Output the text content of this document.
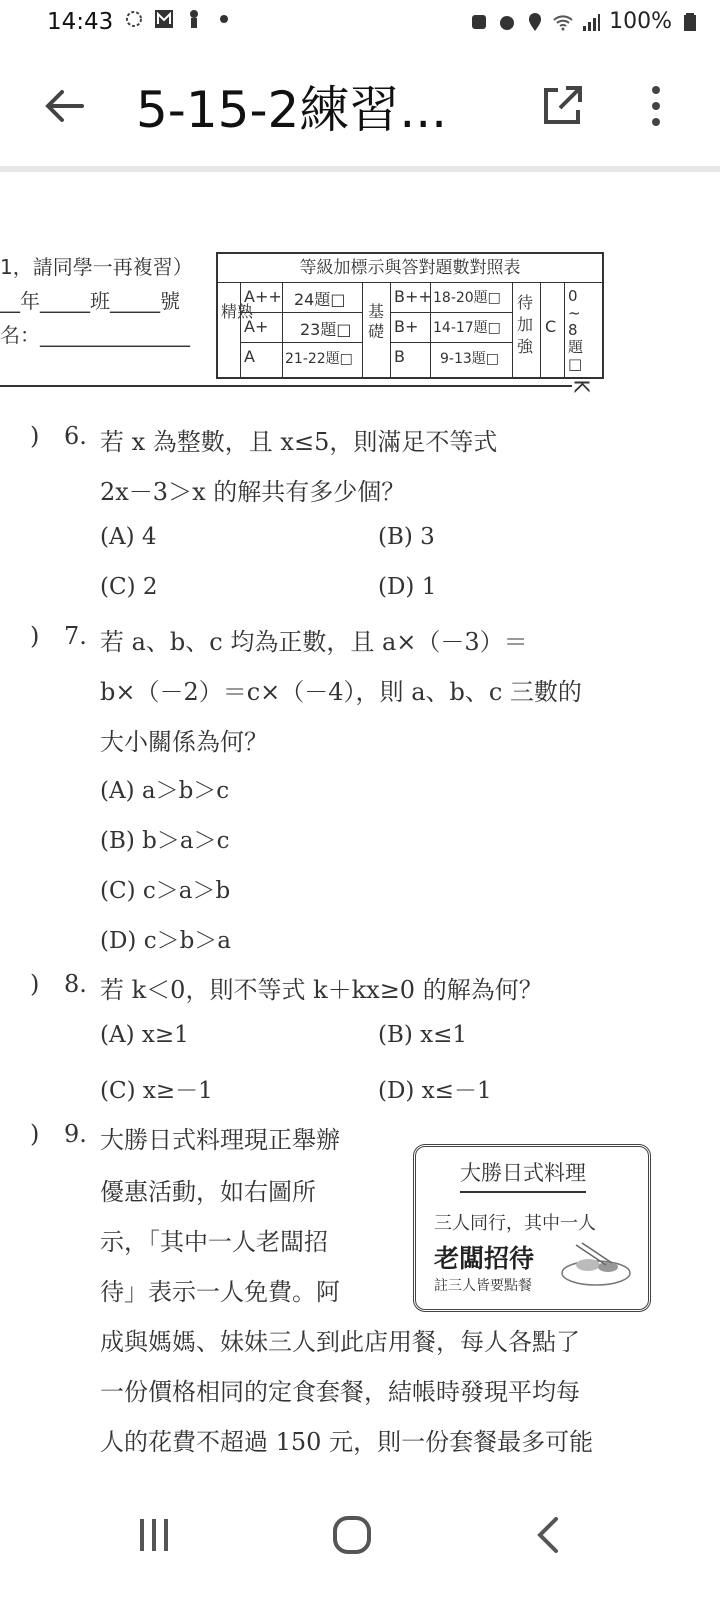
14:43	100%
5-15-2練習...
1，請同學一再複習）
__年_____班_____號
名：_______________
等級加標示與答對題數對照表
精熟	基礎
待加強
A++ 24題□	B++ 18-20題□
A+ 23題□	B+ 14-17題□
A 21-22題□	B	9-13題□
C
0~8題□
K
) 6. 若 x 為整數，且 x≤5，則滿足不等式
2x－3＞x 的解共有多少個？
(A) 4	(B) 3
(C) 2	(D) 1
) 7. 若 a、b、c 均為正數，且 a×（－3）＝
b×（－2）＝c×（－4），則 a、b、c 三數的
大小關係為何？
(A) a＞b＞c
(B) b＞a＞c
(C) c＞a＞b
(D) c＞b＞a
) 8. 若 k＜0，則不等式 k＋kx≥0 的解為何？
(A) x≥1	(B) x≤1
(C) x≥－1	(D) x≤－1
) 9. 大勝日式料理現正舉辦
優惠活動，如右圖所
示，「其中一人老闆招
待」表示一人免費。阿
成與媽媽、妹妹三人到此店用餐，每人各點了
一份價格相同的定食套餐，結帳時發現平均每
人的花費不超過 150 元，則一份套餐最多可能
大勝日式料理
三人同行，其中一人
老闆招待
註三人皆要點餐
